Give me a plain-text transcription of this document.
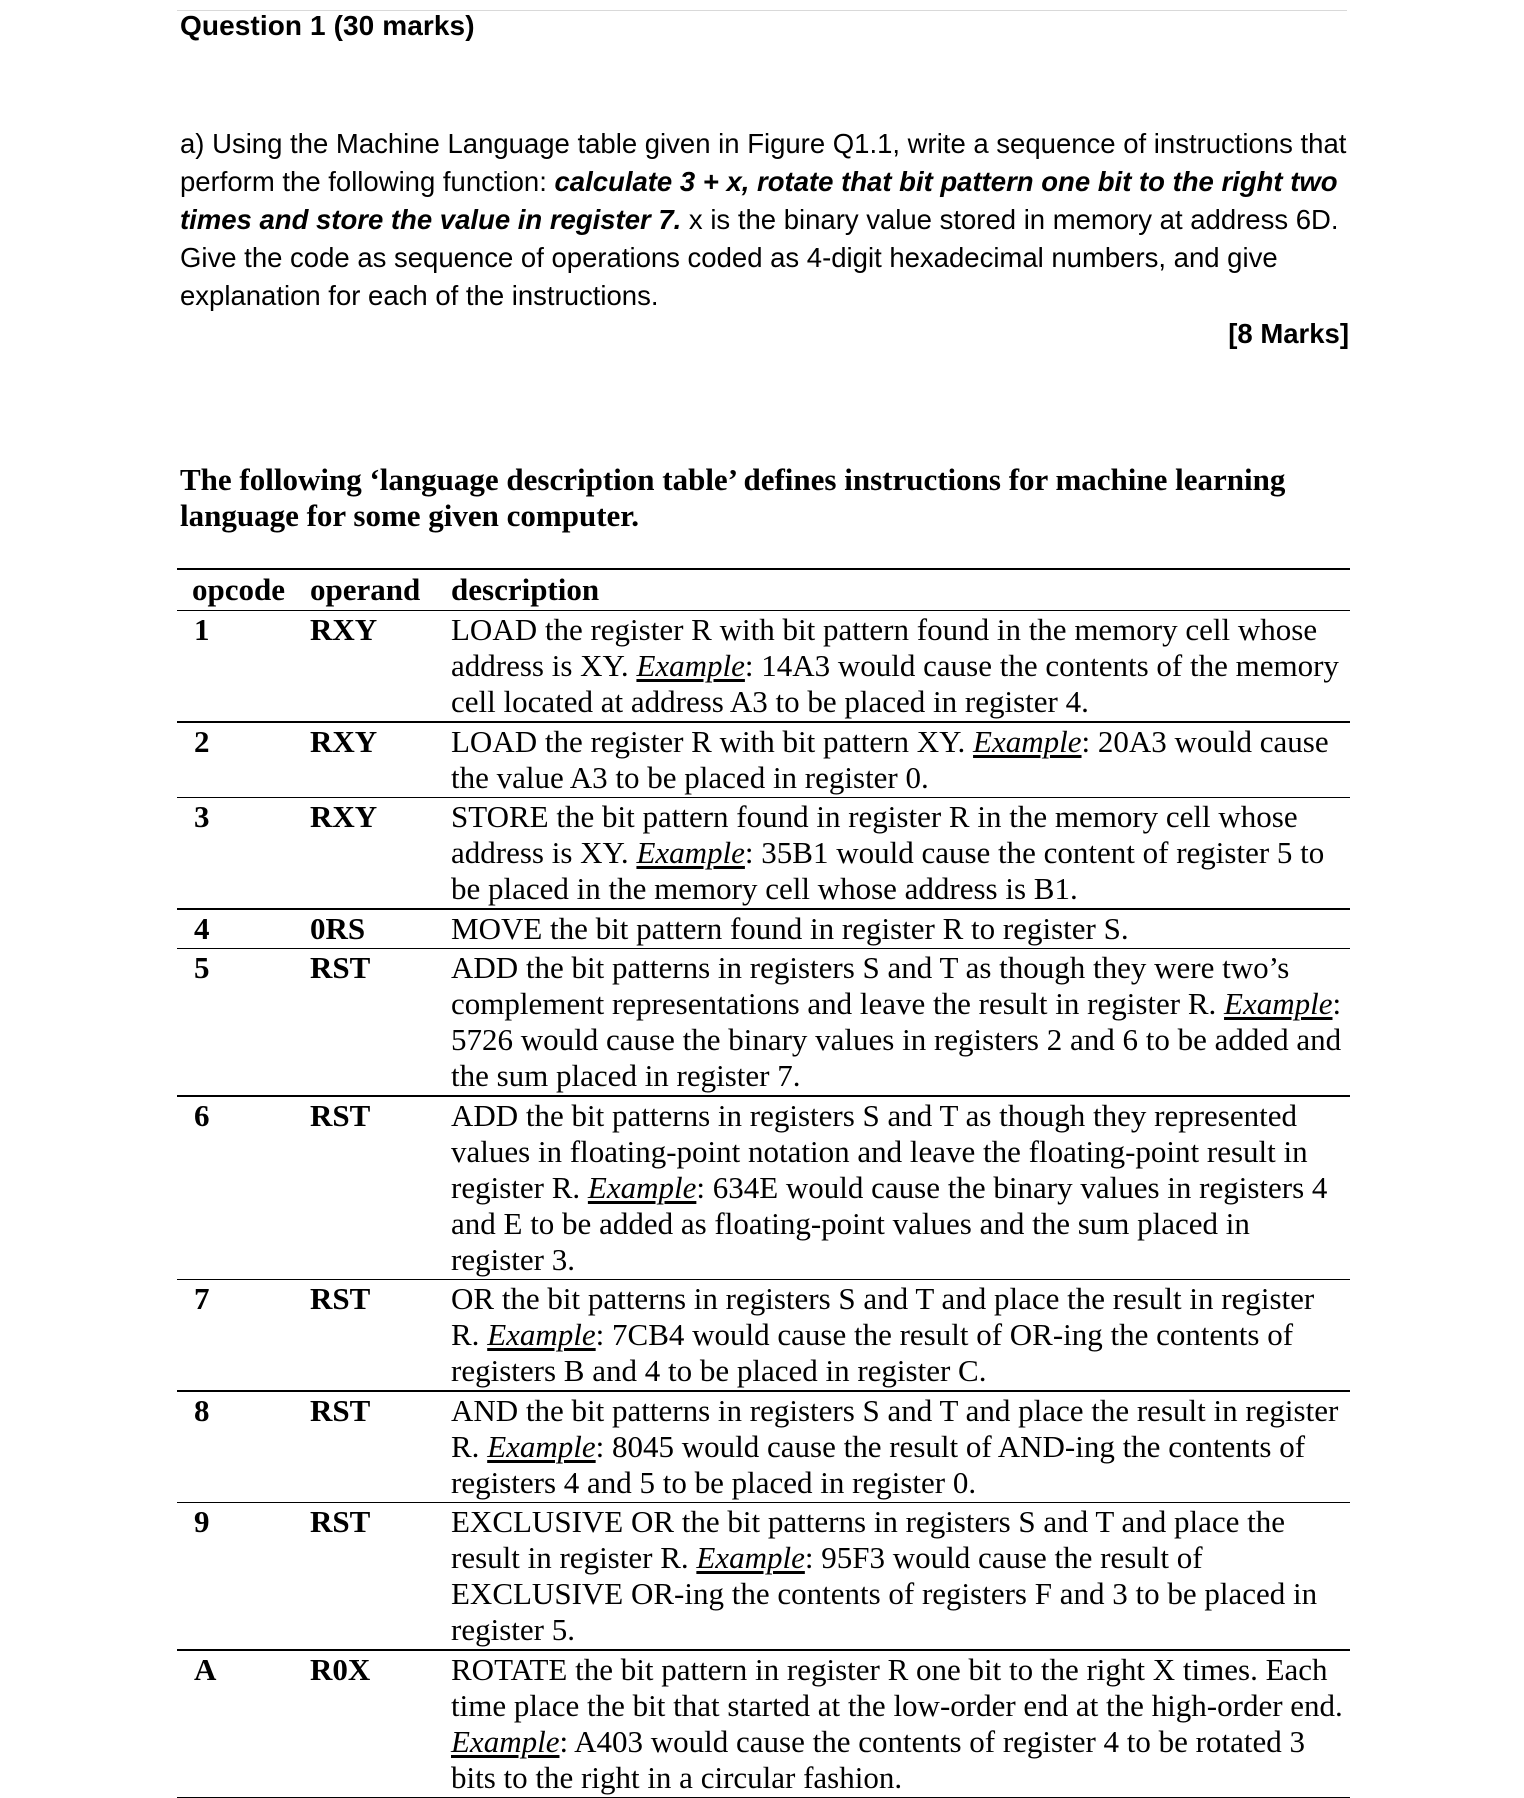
Question 1 (30 marks)
a) Using the Machine Language table given in Figure Q1.1, write a sequence of instructions that perform the following function: calculate 3 + x, rotate that bit pattern one bit to the right two times and store the value in register 7. x is the binary value stored in memory at address 6D. Give the code as sequence of operations coded as 4-digit hexadecimal numbers, and give explanation for each of the instructions.
[8 Marks]
The following ‘language description table’ defines instructions for machine learning language for some given computer.
opcode operand description
1	RXY	LOAD the register R with bit pattern found in the memory cell whose address is XY. Example: 14A3 would cause the contents of the memory cell located at address A3 to be placed in register 4.
2	RXY	LOAD the register R with bit pattern XY. Example: 20A3 would cause the value A3 to be placed in register 0.
3	RXY	STORE the bit pattern found in register R in the memory cell whose address is XY. Example: 35B1 would cause the content of register 5 to be placed in the memory cell whose address is B1.
4	0RS	MOVE the bit pattern found in register R to register S.
5	RST	ADD the bit patterns in registers S and T as though they were two’s complement representations and leave the result in register R. Example: 5726 would cause the binary values in registers 2 and 6 to be added and the sum placed in register 7.
6	RST	ADD the bit patterns in registers S and T as though they represented values in floating-point notation and leave the floating-point result in register R. Example: 634E would cause the binary values in registers 4 and E to be added as floating-point values and the sum placed in register 3.
7	RST	OR the bit patterns in registers S and T and place the result in register R. Example: 7CB4 would cause the result of OR-ing the contents of registers B and 4 to be placed in register C.
8	RST	AND the bit patterns in registers S and T and place the result in register R. Example: 8045 would cause the result of AND-ing the contents of registers 4 and 5 to be placed in register 0.
9	RST	EXCLUSIVE OR the bit patterns in registers S and T and place the result in register R. Example: 95F3 would cause the result of EXCLUSIVE OR-ing the contents of registers F and 3 to be placed in register 5.
A	R0X	ROTATE the bit pattern in register R one bit to the right X times. Each time place the bit that started at the low-order end at the high-order end. Example: A403 would cause the contents of register 4 to be rotated 3 bits to the right in a circular fashion.
